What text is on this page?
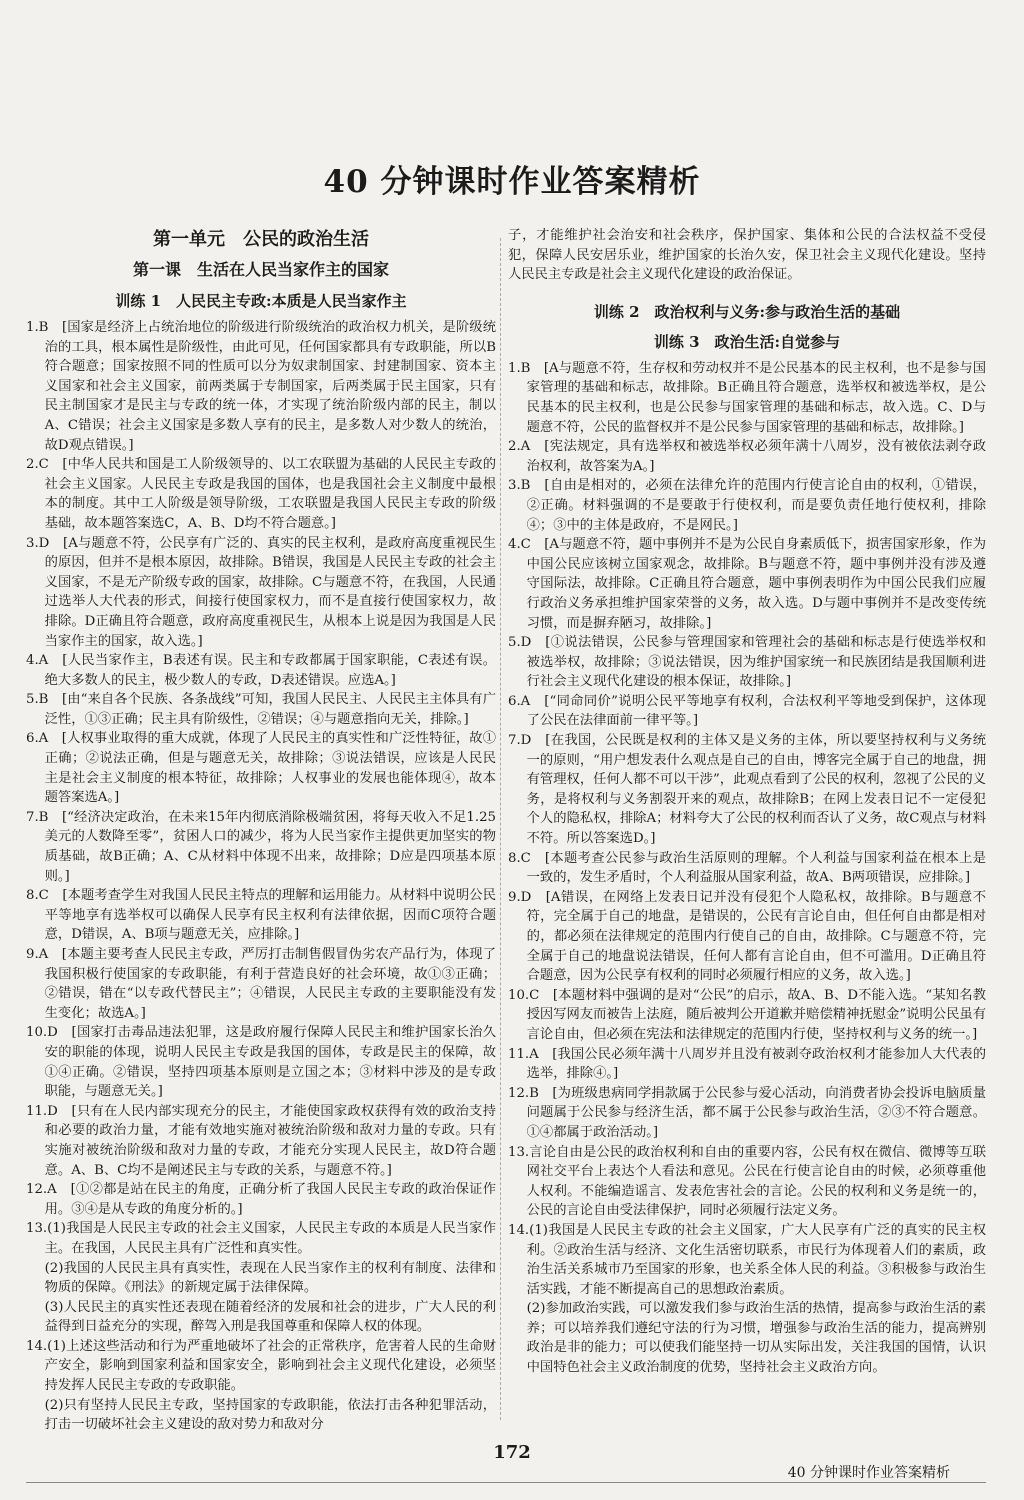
40 分钟课时作业答案精析
第一单元　公民的政治生活
第一课　生活在人民当家作主的国家
训练 1　人民民主专政:本质是人民当家作主

1.B　[国家是经济上占统治地位的阶级进行阶级统治的政治权力机关，是阶级统治的工具，根本属性是阶级性，由此可见，任何国家都具有专政职能，所以B符合题意；国家按照不同的性质可以分为奴隶制国家、封建制国家、资本主义国家和社会主义国家，前两类属于专制国家，后两类属于民主国家，只有民主制国家才是民主与专政的统一体，才实现了统治阶级内部的民主，制以A、C错误；社会主义国家是多数人享有的民主，是多数人对少数人的统治，故D观点错误。]

2.C　[中华人民共和国是工人阶级领导的、以工农联盟为基础的人民民主专政的社会主义国家。人民民主专政是我国的国体，也是我国社会主义制度中最根本的制度。其中工人阶级是领导阶级，工农联盟是我国人民民主专政的阶级基础，故本题答案选C，A、B、D均不符合题意。]

3.D　[A与题意不符，公民享有广泛的、真实的民主权利，是政府高度重视民生的原因，但并不是根本原因，故排除。B错误，我国是人民民主专政的社会主义国家，不是无产阶级专政的国家，故排除。C与题意不符，在我国，人民通过选举人大代表的形式，间接行使国家权力，而不是直接行使国家权力，故排除。D正确且符合题意，政府高度重视民生，从根本上说是因为我国是人民当家作主的国家，故入选。]

4.A　[人民当家作主，B表述有误。民主和专政都属于国家职能，C表述有误。绝大多数人的民主，极少数人的专政，D表述错误。应选A。]

5.B　[由“来自各个民族、各条战线”可知，我国人民民主、人民民主主体具有广泛性，①③正确；民主具有阶级性，②错误；④与题意指向无关，排除。]

6.A　[人权事业取得的重大成就，体现了人民民主的真实性和广泛性特征，故①正确；②说法正确，但是与题意无关，故排除；③说法错误，应该是人民民主是社会主义制度的根本特征，故排除；人权事业的发展也能体现④，故本题答案选A。]

7.B　[“经济决定政治，在未来15年内彻底消除极端贫困，将每天收入不足1.25美元的人数降至零”，贫困人口的减少，将为人民当家作主提供更加坚实的物质基础，故B正确；A、C从材料中体现不出来，故排除；D应是四项基本原则。]

8.C　[本题考查学生对我国人民民主特点的理解和运用能力。从材料中说明公民平等地享有选举权可以确保人民享有民主权利有法律依据，因而C项符合题意，D错误，A、B项与题意无关，应排除。]

9.A　[本题主要考查人民民主专政，严厉打击制售假冒伪劣农产品行为，体现了我国积极行使国家的专政职能，有利于营造良好的社会环境，故①③正确；②错误，错在“以专政代替民主”；④错误，人民民主专政的主要职能没有发生变化；故选A。]

10.D　[国家打击毒品违法犯罪，这是政府履行保障人民民主和维护国家长治久安的职能的体现，说明人民民主专政是我国的国体，专政是民主的保障，故①④正确。②错误，坚持四项基本原则是立国之本；③材料中涉及的是专政职能，与题意无关。]

11.D　[只有在人民内部实现充分的民主，才能使国家政权获得有效的政治支持和必要的政治力量，才能有效地实施对被统治阶级和敌对力量的专政。只有实施对被统治阶级和敌对力量的专政，才能充分实现人民民主，故D符合题意。A、B、C均不是阐述民主与专政的关系，与题意不符。]

12.A　[①②都是站在民主的角度，正确分析了我国人民民主专政的政治保证作用。③④是从专政的角度分析的。]

13.(1)我国是人民民主专政的社会主义国家，人民民主专政的本质是人民当家作主。在我国，人民民主具有广泛性和真实性。

(2)我国的人民民主具有真实性，表现在人民当家作主的权利有制度、法律和物质的保障。《刑法》的新规定属于法律保障。

(3)人民民主的真实性还表现在随着经济的发展和社会的进步，广大人民的利益得到日益充分的实现，醉驾入刑是我国尊重和保障人权的体现。

14.(1)上述这些活动和行为严重地破坏了社会的正常秩序，危害着人民的生命财产安全，影响到国家利益和国家安全，影响到社会主义现代化建设，必须坚持发挥人民民主专政的专政职能。

(2)只有坚持人民民主专政，坚持国家的专政职能，依法打击各种犯罪活动，打击一切破坏社会主义建设的敌对势力和敌对分

子，才能维护社会治安和社会秩序，保护国家、集体和公民的合法权益不受侵犯，保障人民安居乐业，维护国家的长治久安，保卫社会主义现代化建设。坚持人民民主专政是社会主义现代化建设的政治保证。

训练 2　政治权利与义务:参与政治生活的基础
训练 3　政治生活:自觉参与

1.B　[A与题意不符，生存权和劳动权并不是公民基本的民主权利，也不是参与国家管理的基础和标志，故排除。B正确且符合题意，选举权和被选举权，是公民基本的民主权利，也是公民参与国家管理的基础和标志，故入选。C、D与题意不符，公民的监督权并不是公民参与国家管理的基础和标志，故排除。]

2.A　[宪法规定，具有选举权和被选举权必须年满十八周岁，没有被依法剥夺政治权利，故答案为A。]

3.B　[自由是相对的，必须在法律允许的范围内行使言论自由的权利，①错误，②正确。材料强调的不是要敢于行使权利，而是要负责任地行使权利，排除④；③中的主体是政府，不是网民。]

4.C　[A与题意不符，题中事例并不是为公民自身素质低下，损害国家形象，作为中国公民应该树立国家观念，故排除。B与题意不符，题中事例并没有涉及遵守国际法，故排除。C正确且符合题意，题中事例表明作为中国公民我们应履行政治义务承担维护国家荣誉的义务，故入选。D与题中事例并不是改变传统习惯，而是摒弃陋习，故排除。]

5.D　[①说法错误，公民参与管理国家和管理社会的基础和标志是行使选举权和被选举权，故排除；③说法错误，因为维护国家统一和民族团结是我国顺利进行社会主义现代化建设的根本保证，故排除。]

6.A　[“同命同价”说明公民平等地享有权利，合法权利平等地受到保护，这体现了公民在法律面前一律平等。]

7.D　[在我国，公民既是权利的主体又是义务的主体，所以要坚持权利与义务统一的原则，“用户想发表什么观点是自己的自由，博客完全属于自己的地盘，拥有管理权，任何人都不可以干涉”，此观点看到了公民的权利，忽视了公民的义务，是将权利与义务割裂开来的观点，故排除B；在网上发表日记不一定侵犯个人的隐私权，排除A；材料夸大了公民的权利而否认了义务，故C观点与材料不符。所以答案选D。]

8.C　[本题考查公民参与政治生活原则的理解。个人利益与国家利益在根本上是一致的，发生矛盾时，个人利益服从国家利益，故A、B两项错误，应排除。]

9.D　[A错误，在网络上发表日记并没有侵犯个人隐私权，故排除。B与题意不符，完全属于自己的地盘，是错误的，公民有言论自由，但任何自由都是相对的，都必须在法律规定的范围内行使自己的自由，故排除。C与题意不符，完全属于自己的地盘说法错误，任何人都有言论自由，但不可滥用。D正确且符合题意，因为公民享有权利的同时必须履行相应的义务，故入选。]

10.C　[本题材料中强调的是对“公民”的启示，故A、B、D不能入选。“某知名教授因写网友而被告上法庭，随后被判公开道歉并赔偿精神抚慰金”说明公民虽有言论自由，但必须在宪法和法律规定的范围内行使，坚持权利与义务的统一。]

11.A　[我国公民必须年满十八周岁并且没有被剥夺政治权利才能参加人大代表的选举，排除④。]

12.B　[为班级患病同学捐款属于公民参与爱心活动，向消费者协会投诉电脑质量问题属于公民参与经济生活，都不属于公民参与政治生活，②③不符合题意。①④都属于政治活动。]

13.言论自由是公民的政治权利和自由的重要内容，公民有权在微信、微博等互联网社交平台上表达个人看法和意见。公民在行使言论自由的时候，必须尊重他人权利。不能编造谣言、发表危害社会的言论。公民的权利和义务是统一的，公民的言论自由受法律保护，同时必须履行法定义务。

14.(1)我国是人民民主专政的社会主义国家，广大人民享有广泛的真实的民主权利。②政治生活与经济、文化生活密切联系，市民行为体现着人们的素质，政治生活关系城市乃至国家的形象，也关系全体人民的利益。③积极参与政治生活实践，才能不断提高自己的思想政治素质。

(2)参加政治实践，可以激发我们参与政治生活的热情，提高参与政治生活的素养；可以培养我们遵纪守法的行为习惯，增强参与政治生活的能力，提高辨别政治是非的能力；可以使我们能坚持一切从实际出发，关注我国的国情，认识中国特色社会主义政治制度的优势，坚持社会主义政治方向。

172
40 分钟课时作业答案精析
